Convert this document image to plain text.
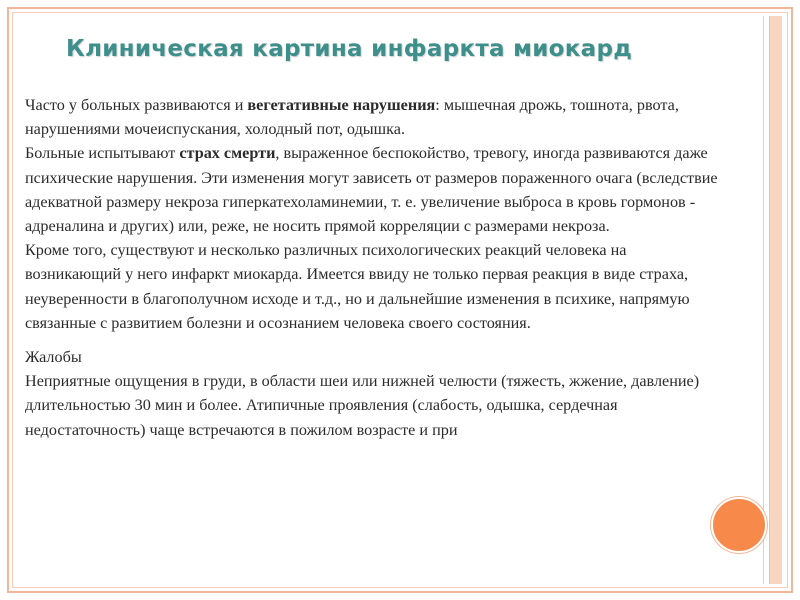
Клиническая картина инфаркта миокард

Часто у больных развиваются и вегетативные нарушения: мышечная дрожь, тошнота, рвота, нарушениями мочеиспускания, холодный пот, одышка.

Больные испытывают страх смерти, выраженное беспокойство, тревогу, иногда развиваются даже психические нарушения. Эти изменения могут зависеть от размеров пораженного очага (вследствие адекватной размеру некроза гиперкатехоламинемии, т. е. увеличение выброса в кровь гормонов - адреналина и других) или, реже, не носить прямой корреляции с размерами некроза.

Кроме того, существуют и несколько различных психологических реакций человека на возникающий у него инфаркт миокарда. Имеется ввиду не только первая реакция в виде страха, неуверенности в благополучном исходе и т.д., но и дальнейшие изменения в психике, напрямую связанные с развитием болезни и осознанием человека своего состояния.

Жалобы

Неприятные ощущения в груди, в области шеи или нижней челюсти (тяжесть, жжение, давление) длительностью 30 мин и более. Атипичные проявления (слабость, одышка, сердечная недостаточность) чаще встречаются в пожилом возрасте и при
